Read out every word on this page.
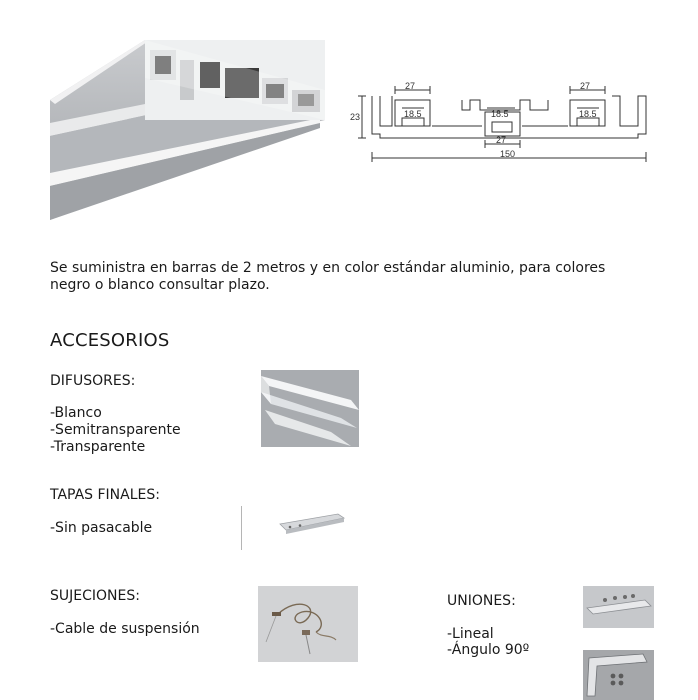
27	27
18.5	18.5	18.5
23
27
150
Se suministra en barras de 2 metros y en color estándar aluminio, para colores negro o blanco consultar plazo.
ACCESORIOS
DIFUSORES:
-Blanco
-Semitransparente
-Transparente
TAPAS FINALES:
-Sin pasacable
SUJECIONES:
-Cable de suspensión
UNIONES:
-Lineal
-Ángulo 90º
